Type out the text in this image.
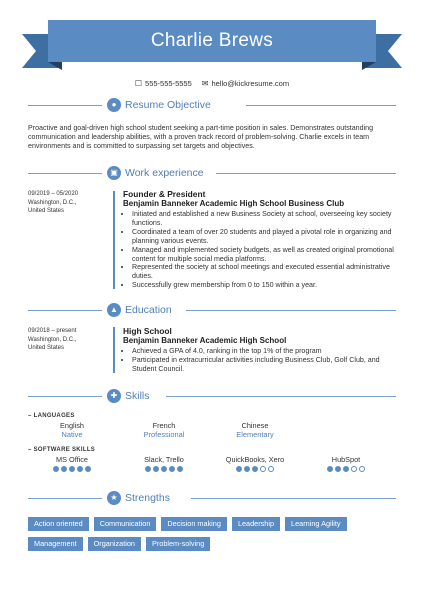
Charlie Brews
☐ 555-555-5555 ✉ hello@kickresume.com
● Resume Objective
Proactive and goal-driven high school student seeking a part-time position in sales. Demonstrates outstanding communication and leadership abilities, with a proven track record of problem-solving. Charlie excels in team environments and is committed to surpassing set targets and objectives.
▣ Work experience
09/2019 – 05/2020
Washington, D.C.,
United States
Founder & President
Benjamin Banneker Academic High School Business Club
• Initiated and established a new Business Society at school, overseeing key society functions.
• Coordinated a team of over 20 students and played a pivotal role in organizing and planning various events.
• Managed and implemented society budgets, as well as created original promotional content for multiple social media platforms.
• Represented the society at school meetings and executed essential administrative duties.
• Successfully grew membership from 0 to 150 within a year.
▲ Education
09/2018 – present
Washington, D.C.,
United States
High School
Benjamin Banneker Academic High School
• Achieved a GPA of 4.0, ranking in the top 1% of the program
• Participated in extracurricular activities including Business Club, Golf Club, and Student Council.
✚ Skills
– LANGUAGES
English
Native
French
Professional
Chinese
Elementary
– SOFTWARE SKILLS
MS Office	Slack, Trello	QuickBooks, Xero	HubSpot
★ Strengths
Action oriented	Communication	Decision making	Leadership	Learning Agility
Management	Organization	Problem-solving
